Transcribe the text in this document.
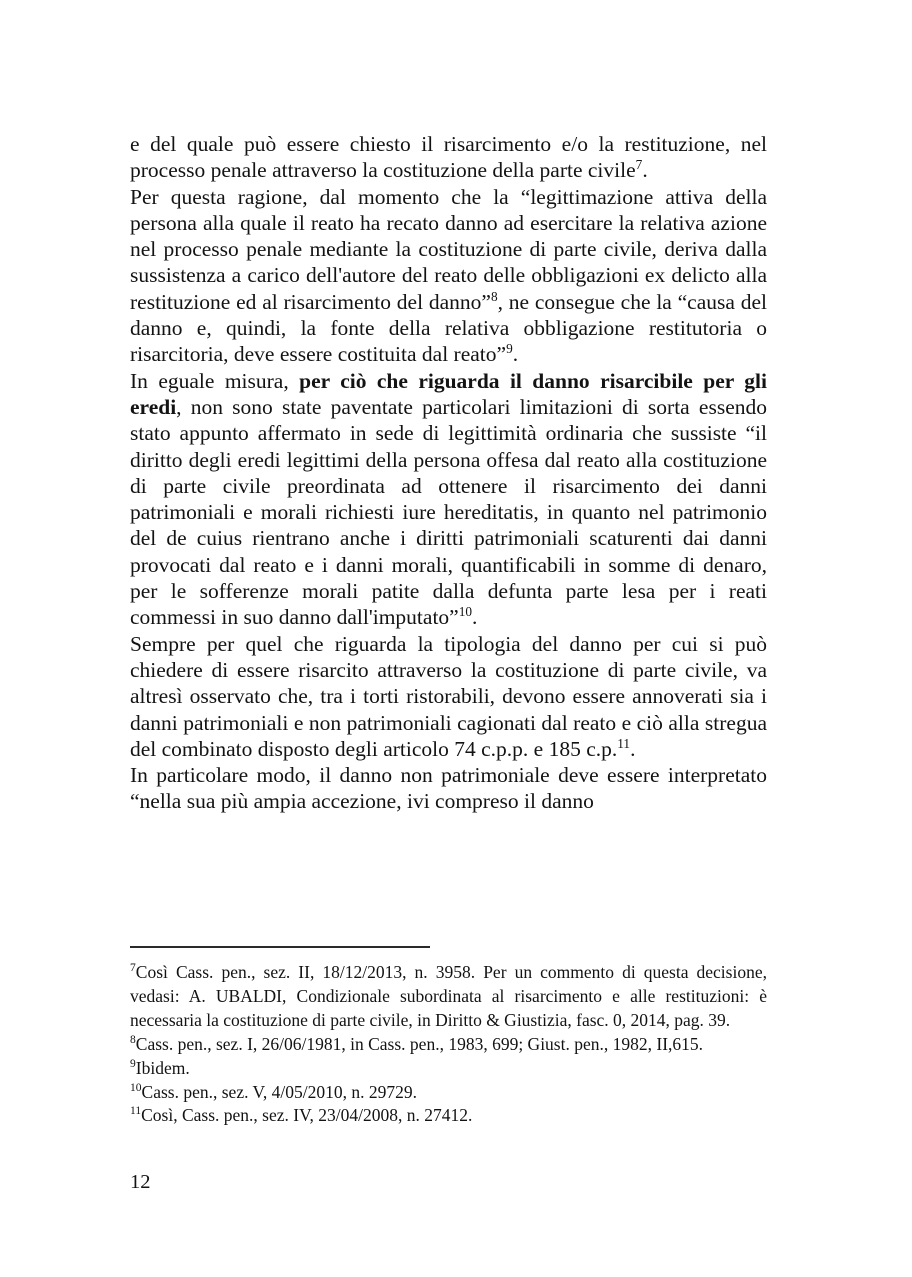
e del quale può essere chiesto il risarcimento e/o la restituzione, nel processo penale attraverso la costituzione della parte civile$^7$.

Per questa ragione, dal momento che la “legittimazione attiva della persona alla quale il reato ha recato danno ad esercitare la relativa azione nel processo penale mediante la costituzione di parte civile, deriva dalla sussistenza a carico dell'autore del reato delle obbligazioni ex delicto alla restituzione ed al risarcimento del danno”$^8$, ne consegue che la “causa del danno e, quindi, la fonte della relativa obbligazione restitutoria o risarcitoria, deve essere costituita dal reato”$^9$.

In eguale misura, per ciò che riguarda il danno risarcibile per gli eredi, non sono state paventate particolari limitazioni di sorta essendo stato appunto affermato in sede di legittimità ordinaria che sussiste “il diritto degli eredi legittimi della persona offesa dal reato alla costituzione di parte civile preordinata ad ottenere il risarcimento dei danni patrimoniali e morali richiesti iure hereditatis, in quanto nel patrimonio del de cuius rientrano anche i diritti patrimoniali scaturenti dai danni provocati dal reato e i danni morali, quantificabili in somme di denaro, per le sofferenze morali patite dalla defunta parte lesa per i reati commessi in suo danno dall'imputato”$^{10}$.

Sempre per quel che riguarda la tipologia del danno per cui si può chiedere di essere risarcito attraverso la costituzione di parte civile, va altresì osservato che, tra i torti ristorabili, devono essere annoverati sia i danni patrimoniali e non patrimoniali cagionati dal reato e ciò alla stregua del combinato disposto degli articolo 74 c.p.p. e 185 c.p.$^{11}$.

In particolare modo, il danno non patrimoniale deve essere interpretato “nella sua più ampia accezione, ivi compreso il danno

$^7$Così Cass. pen., sez. II, 18/12/2013, n. 3958. Per un commento di questa decisione, vedasi: A. UBALDI, Condizionale subordinata al risarcimento e alle restituzioni: è necessaria la costituzione di parte civile, in Diritto & Giustizia, fasc. 0, 2014, pag. 39.

$^8$Cass. pen., sez. I, 26/06/1981, in Cass. pen., 1983, 699; Giust. pen., 1982, II,615.

$^9$Ibidem.

$^{10}$Cass. pen., sez. V, 4/05/2010, n. 29729.

$^{11}$Così, Cass. pen., sez. IV, 23/04/2008, n. 27412.

12
